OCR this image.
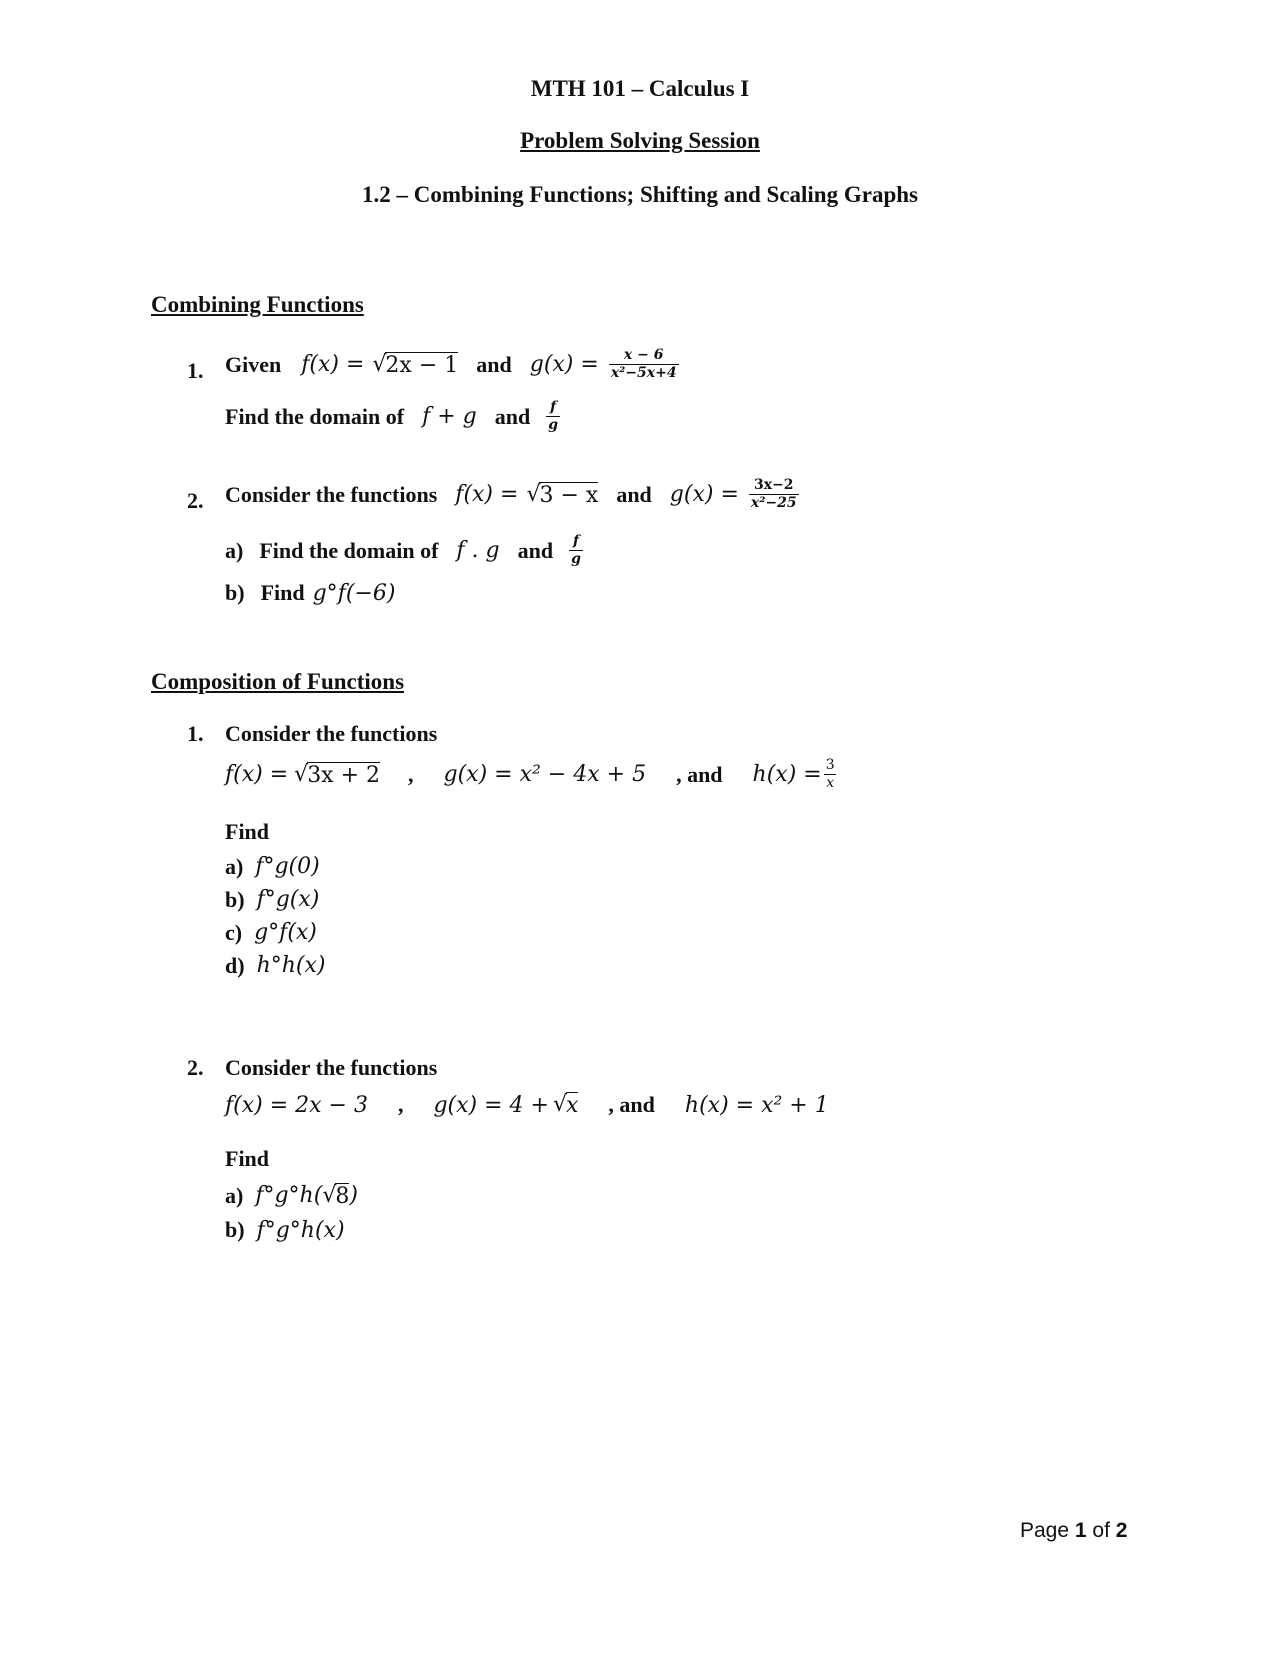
MTH 101 – Calculus I
Problem Solving Session
1.2 – Combining Functions; Shifting and Scaling Graphs
Combining Functions
1. Given f(x) = √ 2x − 1 and $g(x) = \frac{x - 6}{\text{x²−5x+4}}$
Find the domain of f + g and $\frac{f}{g}$
2. Consider the functions f(x) = √ 3 − x and $g(x) = \frac{3x-2}{\text{x²−25}}$
a) Find the domain of f . g and $\frac{f}{g}$
b) Find g°f(−6)
Composition of Functions
1. Consider the functions
f(x) = √ 3x + 2 , g(x) = x² − 4x + 5 , and $h(x) = \frac{3}{x}$
Find
a) f°g(0)
b) f°g(x)
c) g°f(x)
d) h°h(x)
2. Consider the functions
f(x) = 2x − 3 , g(x) = 4 + √ x , and h(x) = x² + 1
Find
a) f°g°h( √ 8 )
b) f°g°h(x)
Page 1 of 2
